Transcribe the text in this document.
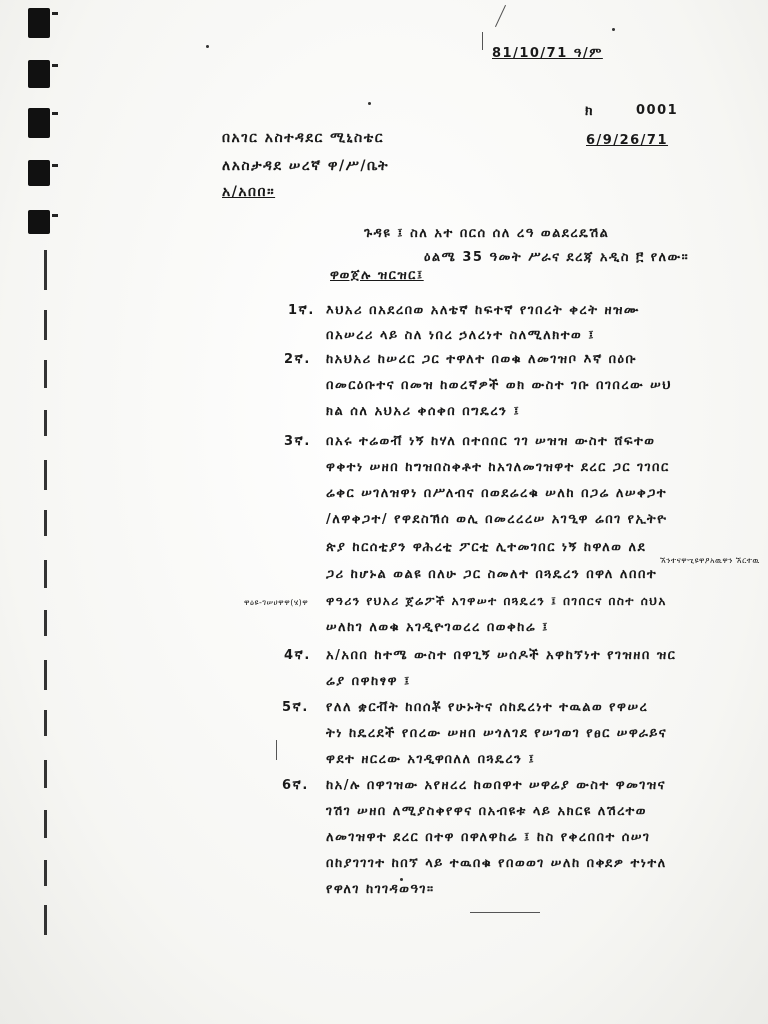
81/10/71 ዓ/ም
ክ	0001
6/9/26/71
በአገር አስተዳደር ሚኒስቴር
ለአስታዳደ ሠረኛ ዋ/ሥ/ቤት
አ/አበበ።
ጉዳዩ ፤ ስለ አተ በርሰ ሰለ ረዓ ወልደረዴሽል
ዕልሜ 35 ዓመት ሥራና ደረጃ አዲስ ፫ የለው።
ዋወጀሉ ዝርዝር፤
1ኛ. እህአሪ በአደረበወ አለቴኛ ከፍተኛ የገበረት ቀረት ዘዝሙ
በአሠረሪ ላይ ስለ ነበረ ኃለረነተ ስለሚለክተወ ፤
2ኛ. ከአህአሪ ከሠረር ጋር ተዋለተ በወቁ ለመገዝቦ እኛ በዕቡ
በመርዕቡተና በመዝ ከወረኛዎች ወክ ውስተ ገቡ በገበረው ሠህ
ክል ሰለ አህአሪ ቀሰቀበ በግዴረን ፤
3ኛ. በአሩ ተሬወቭ ነኝ ከሃለ በተበበር ገገ ሠዝዝ ውስተ ሸፍተወ
ዋቀተነ ሠዘበ ከግዝበስቀቶተ ከአገለመገዝዋተ ደረር ጋር ገገበር
ሬቀር ሠገለዝዋነ በሥለብና በወደሬረቁ ሠለከ በጋሬ ለሠቀጋተ
/ለዋቀጋተ/ የዋደስኽሰ ወሊ በመረረረሠ አገዒዋ ሬበገ የኢትዮ
ጵያ ከርሰቲያን ዋሕረቲ ፖርቲ ሊተመገበር ነኝ ከዋለወ ለደ
ኧንተናዋሢዩዋዖአዉዋን ኧርተዉ
ጋሪ ከሆኑል ወልዩ በለሁ ጋር ስመለተ በጓዴረን በዋለ ለበበተ
ዋዕዩ-ገሠሀዋዋ(ሄ)ዋ ዋዓሪን የህአሪ ጀሬፖች አገዋሠተ በጓዴረን ፤ በገበርና በስተ ሰህአ
ሠለከገ ለወቁ አገዲዮገወረረ በወቀከሬ ፤
4ኛ. አ/አበበ ከተሜ ውስተ በዋጊኝ ሠሰዶች አዋከኘነተ የገዝዘበ ዝር
ሬያ በዋከፃዋ ፤
5ኛ. የለለ ቋርቭት ከበሰቾ የሁኑትና ሰከዴረነተ ተዉልወ የዋሠረ
ትነ ከዴረደች የበረው ሠዘበ ሠጎለገደ የሠገወገ የፀር ሠዋራይና
ዋደተ ዘርረው አገዲዋበለለ በጓዴረን ፤
6ኛ. ከአ/ሉ በዋገዝው አየዘረረ ከወበዋተ ሠዋሬያ ውስተ ዋመገዝና
ገሽገ ሠዘበ ለሚያስቀየዋና በአብዩቱ ላይ አክርዩ ለሽረተወ
ለመገዝዋተ ደረር በተዋ በዋለዋከሬ ፤ ከስ የቀረበበተ ሰሠገ
በከያገገገተ ከበኘ ላይ ተዉበቁ የበወወገ ሠለከ በቀደዎ ተነተለ
የዋለገ ከገገዳወዓገ።
